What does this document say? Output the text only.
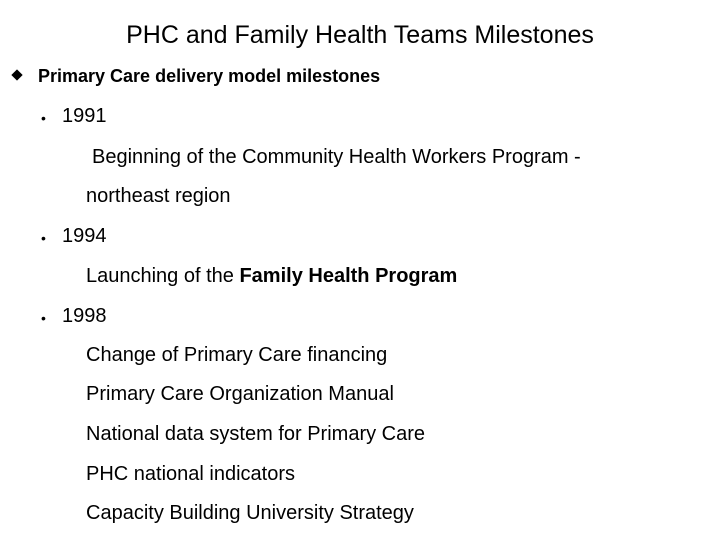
PHC and Family Health Teams Milestones
Primary Care delivery model milestones
• 1991
Beginning of the Community Health Workers Program -
northeast region
• 1994
Launching of the Family Health Program
• 1998
Change of Primary Care financing
Primary Care Organization Manual
National data system for Primary Care
PHC national indicators
Capacity Building University Strategy
